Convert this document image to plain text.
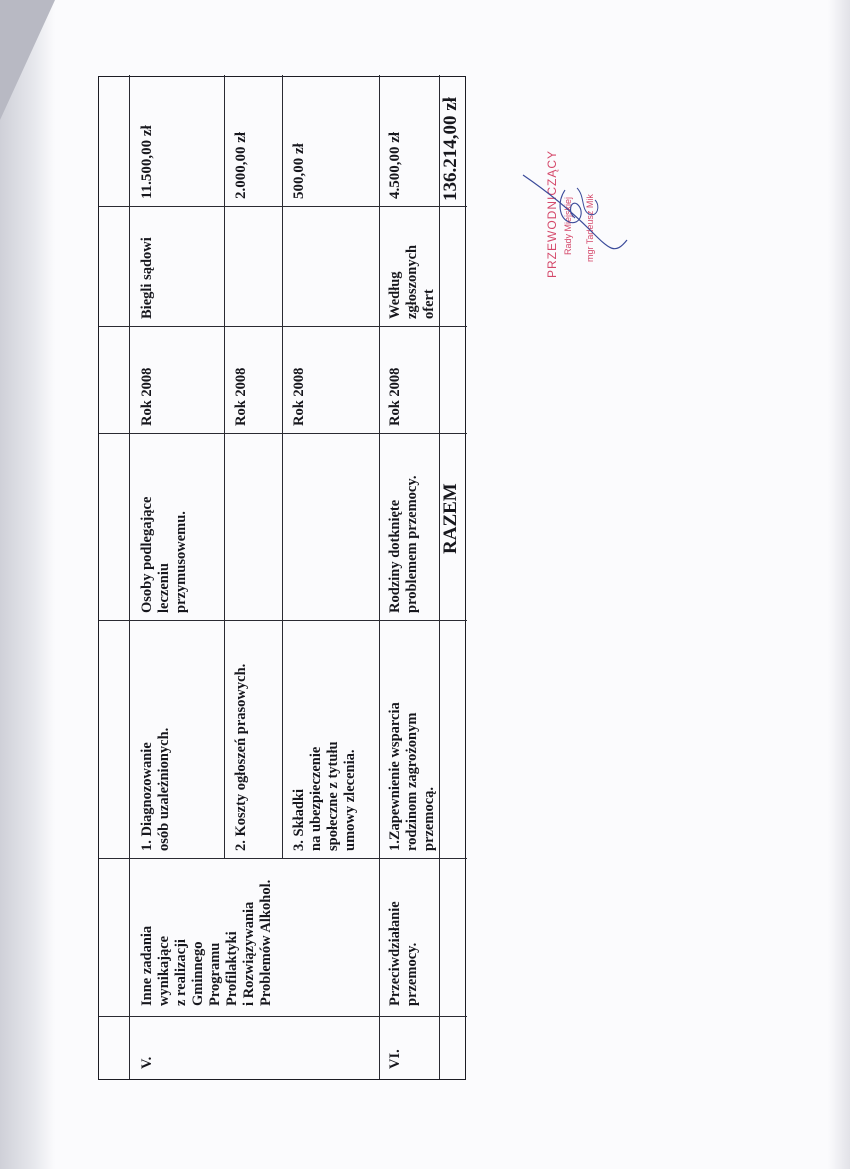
V.
Inne zadania
wynikające
z realizacji
Gminnego
Programu
Profilaktyki
i Rozwiązywania
Problemów Alkohol.
1. Diagnozowanie
osób uzależnionych.
Osoby podlegające
leczeniu
przymusowemu.
Rok 2008
Biegli sądowi
11.500,00 zł
2. Koszty ogłoszeń prasowych.
Rok 2008
2.000,00 zł
3. Składki
na ubezpieczenie
społeczne z tytułu
umowy zlecenia.
Rok 2008
500,00 zł
VI.
Przeciwdziałanie
przemocy.
1.Zapewnienie wsparcia
rodzinom zagrożonym
przemocą.
Rodziny dotknięte
problemem przemocy.
Rok 2008
Według
zgłoszonych
ofert
4.500,00 zł
RAZEM
136.214,00 zł
PRZEWODNICZĄCY Rady Miejskiej mgr Tadeusz Mik
